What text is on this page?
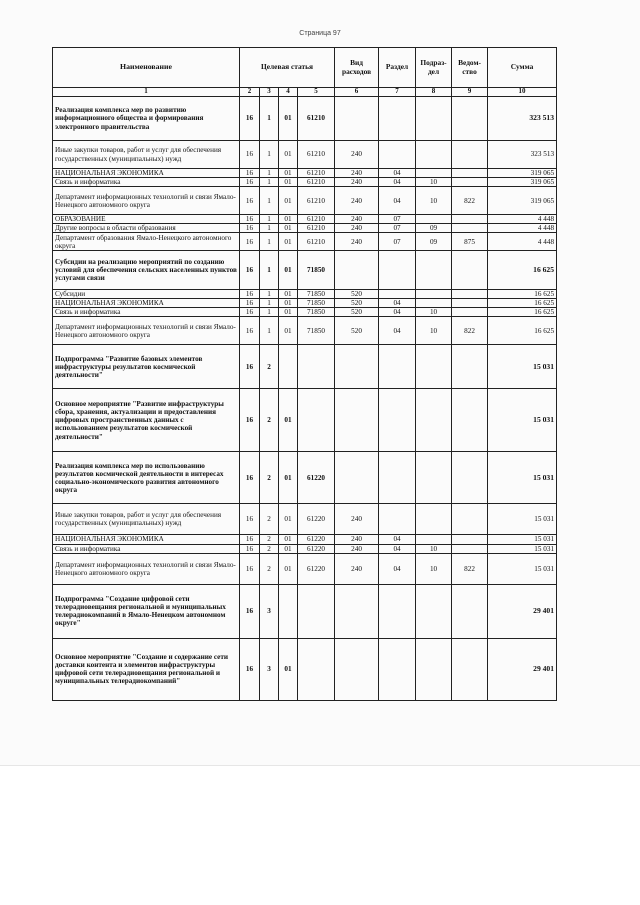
Страница 97
Наименование	Целевая статья				Вид расходов	Раздел	Подраз-дел	Ведом-ство	Сумма
1	2	3	4	5	6	7	8	9	10
Реализация комплекса мер по развитию информационного общества и формирования электронного правительства	16	1	01	61210					323 513
Иные закупки товаров, работ и услуг для обеспечения государственных (муниципальных) нужд	16	1	01	61210	240				323 513
НАЦИОНАЛЬНАЯ ЭКОНОМИКА	16	1	01	61210	240	04			319 065
Связь и информатика	16	1	01	61210	240	04	10		319 065
Департамент информационных технологий и связи Ямало-Ненецкого автономного округа	16	1	01	61210	240	04	10	822	319 065
ОБРАЗОВАНИЕ	16	1	01	61210	240	07			4 448
Другие вопросы в области образования	16	1	01	61210	240	07	09		4 448
Департамент образования Ямало-Ненецкого автономного округа	16	1	01	61210	240	07	09	875	4 448
Субсидии на реализацию мероприятий по созданию условий для обеспечения сельских населенных пунктов услугами связи	16	1	01	71850					16 625
Субсидии	16	1	01	71850	520				16 625
НАЦИОНАЛЬНАЯ ЭКОНОМИКА	16	1	01	71850	520	04			16 625
Связь и информатика	16	1	01	71850	520	04	10		16 625
Департамент информационных технологий и связи Ямало-Ненецкого автономного округа	16	1	01	71850	520	04	10	822	16 625
Подпрограмма "Развитие базовых элементов инфраструктуры результатов космической деятельности"	16	2							15 031
Основное мероприятие "Развитие инфраструктуры сбора, хранения, актуализации и предоставления цифровых пространственных данных с использованием результатов космической деятельности"	16	2	01						15 031
Реализация комплекса мер по использованию результатов космической деятельности в интересах социально-экономического развития автономного округа	16	2	01	61220					15 031
Иные закупки товаров, работ и услуг для обеспечения государственных (муниципальных) нужд	16	2	01	61220	240				15 031
НАЦИОНАЛЬНАЯ ЭКОНОМИКА	16	2	01	61220	240	04			15 031
Связь и информатика	16	2	01	61220	240	04	10		15 031
Департамент информационных технологий и связи Ямало-Ненецкого автономного округа	16	2	01	61220	240	04	10	822	15 031
Подпрограмма "Создание цифровой сети телерадиовещания региональной и муниципальных телерадиокомпаний в Ямало-Ненецком автономном округе"	16	3							29 401
Основное мероприятие "Создание и содержание сети доставки контента и элементов инфраструктуры цифровой сети телерадиовещания региональной и муниципальных телерадиокомпаний"	16	3	01						29 401
